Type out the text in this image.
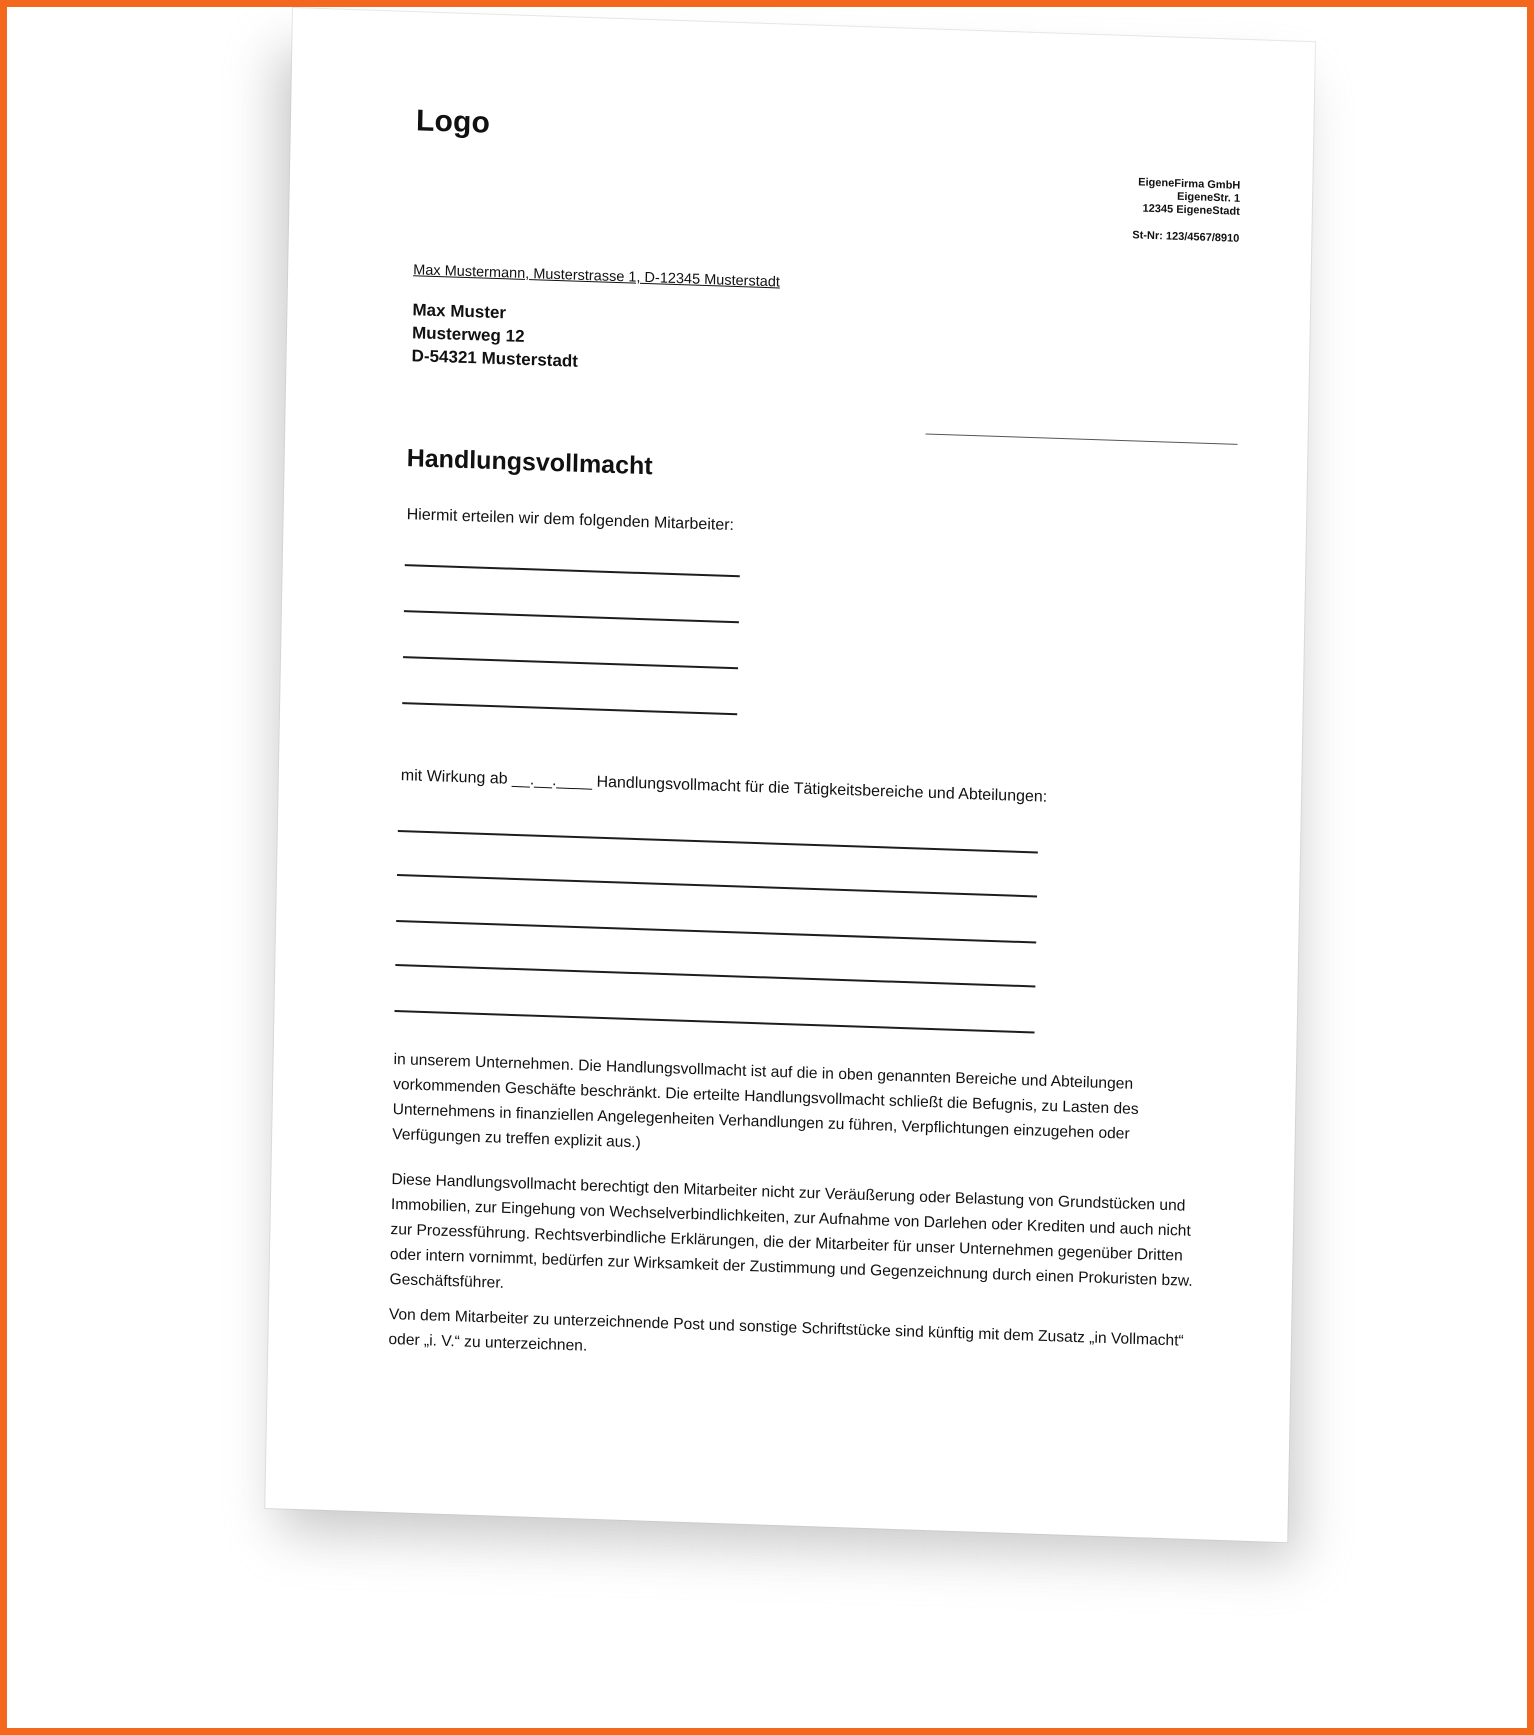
Logo
EigeneFirma GmbH
EigeneStr. 1
12345 EigeneStadt
St-Nr: 123/4567/8910
Max Mustermann, Musterstrasse 1, D-12345 Musterstadt
Max Muster
Musterweg 12
D-54321 Musterstadt
Handlungsvollmacht
Hiermit erteilen wir dem folgenden Mitarbeiter:
mit Wirkung ab __.__.____ Handlungsvollmacht für die Tätigkeitsbereiche und Abteilungen:
in unserem Unternehmen. Die Handlungsvollmacht ist auf die in oben genannten Bereiche und Abteilungen vorkommenden Geschäfte beschränkt. Die erteilte Handlungsvollmacht schließt die Befugnis, zu Lasten des Unternehmens in finanziellen Angelegenheiten Verhandlungen zu führen, Verpflichtungen einzugehen oder Verfügungen zu treffen explizit aus.)
Diese Handlungsvollmacht berechtigt den Mitarbeiter nicht zur Veräußerung oder Belastung von Grundstücken und Immobilien, zur Eingehung von Wechselverbindlichkeiten, zur Aufnahme von Darlehen oder Krediten und auch nicht zur Prozessführung. Rechtsverbindliche Erklärungen, die der Mitarbeiter für unser Unternehmen gegenüber Dritten oder intern vornimmt, bedürfen zur Wirksamkeit der Zustimmung und Gegenzeichnung durch einen Prokuristen bzw. Geschäftsführer.
Von dem Mitarbeiter zu unterzeichnende Post und sonstige Schriftstücke sind künftig mit dem Zusatz „in Vollmacht“ oder „i. V.“ zu unterzeichnen.
